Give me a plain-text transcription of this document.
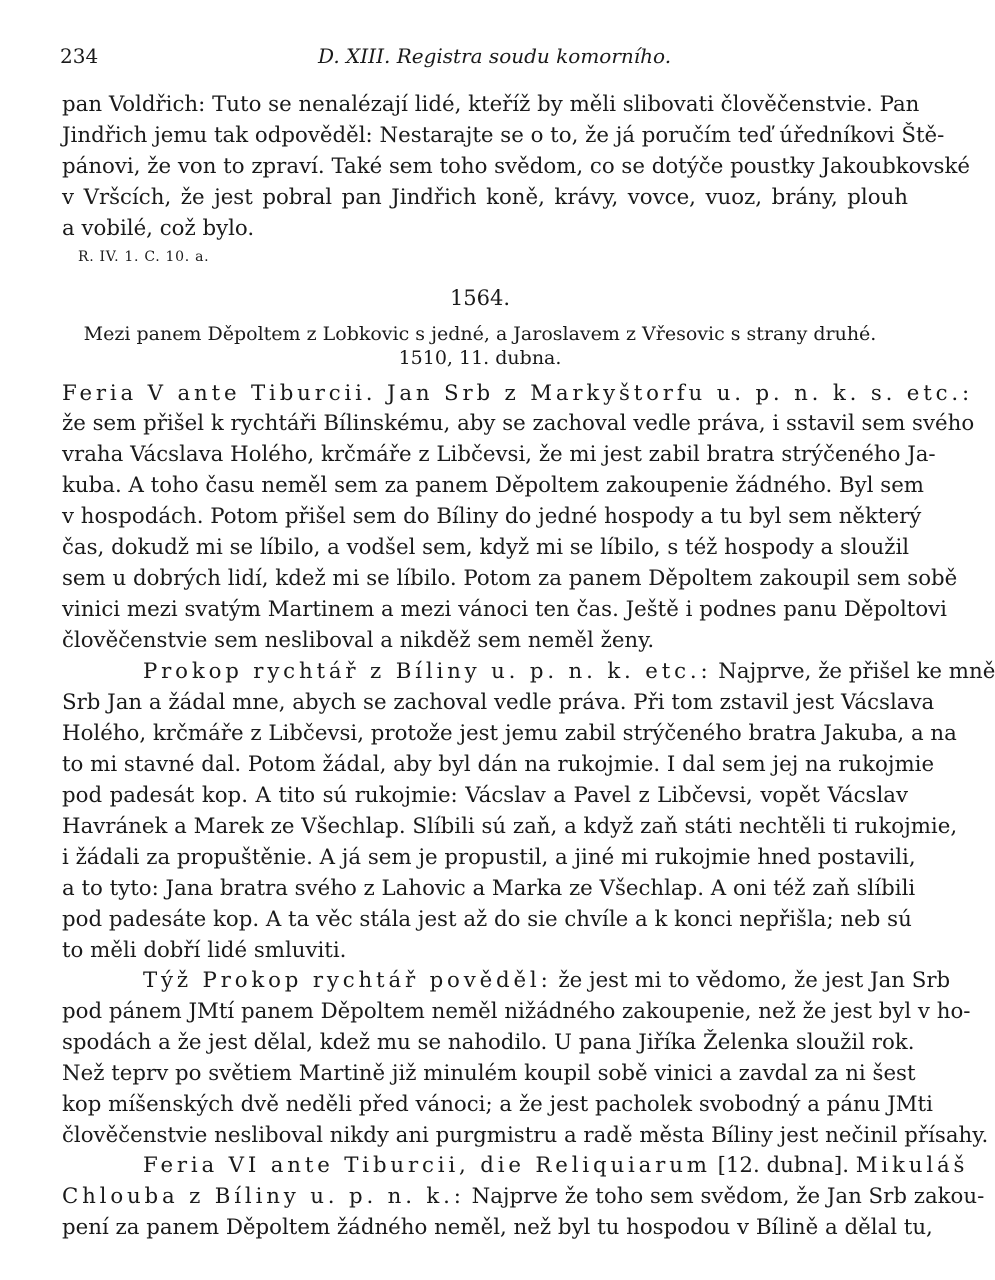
234	D. XIII. Registra soudu komorního.
pan Voldřich: Tuto se nenalézají lidé, kteříž by měli slibovati člověčenstvie. Pan
Jindřich jemu tak odpověděl: Nestarajte se o to, že já poručím teď úředníkovi Ště-
pánovi, že von to zpraví. Také sem toho svědom, co se dotýče poustky Jakoubkovské
v Vršcích, že jest pobral pan Jindřich koně, krávy, vovce, vuoz, brány, plouh
a vobilé, což bylo.
R. IV. 1. C. 10. a.
1564.
Mezi panem Děpoltem z Lobkovic s jedné, a Jaroslavem z Vřesovic s strany druhé.
1510, 11. dubna.
Feria V ante Tiburcii. Jan Srb z Markyštorfu u. p. n. k. s. etc.:
že sem přišel k rychtáři Bílinskému, aby se zachoval vedle práva, i sstavil sem svého
vraha Vácslava Holého, krčmáře z Libčevsi, že mi jest zabil bratra strýčeného Ja-
kuba. A toho času neměl sem za panem Děpoltem zakoupenie žádného. Byl sem
v hospodách. Potom přišel sem do Bíliny do jedné hospody a tu byl sem některý
čas, dokudž mi se líbilo, a vodšel sem, když mi se líbilo, s též hospody a sloužil
sem u dobrých lidí, kdež mi se líbilo. Potom za panem Děpoltem zakoupil sem sobě
vinici mezi svatým Martinem a mezi vánoci ten čas. Ještě i podnes panu Děpoltovi
člověčenstvie sem nesliboval a nikděž sem neměl ženy.
Prokop rychtář z Bíliny u. p. n. k. etc.: Najprve, že přišel ke mně
Srb Jan a žádal mne, abych se zachoval vedle práva. Při tom zstavil jest Vácslava
Holého, krčmáře z Libčevsi, protože jest jemu zabil strýčeného bratra Jakuba, a na
to mi stavné dal. Potom žádal, aby byl dán na rukojmie. I dal sem jej na rukojmie
pod padesát kop. A tito sú rukojmie: Vácslav a Pavel z Libčevsi, vopět Vácslav
Havránek a Marek ze Všechlap. Slíbili sú zaň, a když zaň státi nechtěli ti rukojmie,
i žádali za propuštěnie. A já sem je propustil, a jiné mi rukojmie hned postavili,
a to tyto: Jana bratra svého z Lahovic a Marka ze Všechlap. A oni též zaň slíbili
pod padesáte kop. A ta věc stála jest až do sie chvíle a k konci nepřišla; neb sú
to měli dobří lidé smluviti.
Týž Prokop rychtář pověděl: že jest mi to vědomo, že jest Jan Srb
pod pánem JMtí panem Děpoltem neměl nižádného zakoupenie, než že jest byl v ho-
spodách a že jest dělal, kdež mu se nahodilo. U pana Jiříka Želenka sloužil rok.
Než teprv po světiem Martině již minulém koupil sobě vinici a zavdal za ni šest
kop míšenských dvě neděli před vánoci; a že jest pacholek svobodný a pánu JMti
člověčenstvie nesliboval nikdy ani purgmistru a radě města Bíliny jest nečinil přísahy.
Feria VI ante Tiburcii, die Reliquiarum [12. dubna]. Mikuláš
Chlouba z Bíliny u. p. n. k.: Najprve že toho sem svědom, že Jan Srb zakou-
pení za panem Děpoltem žádného neměl, než byl tu hospodou v Bílině a dělal tu,
